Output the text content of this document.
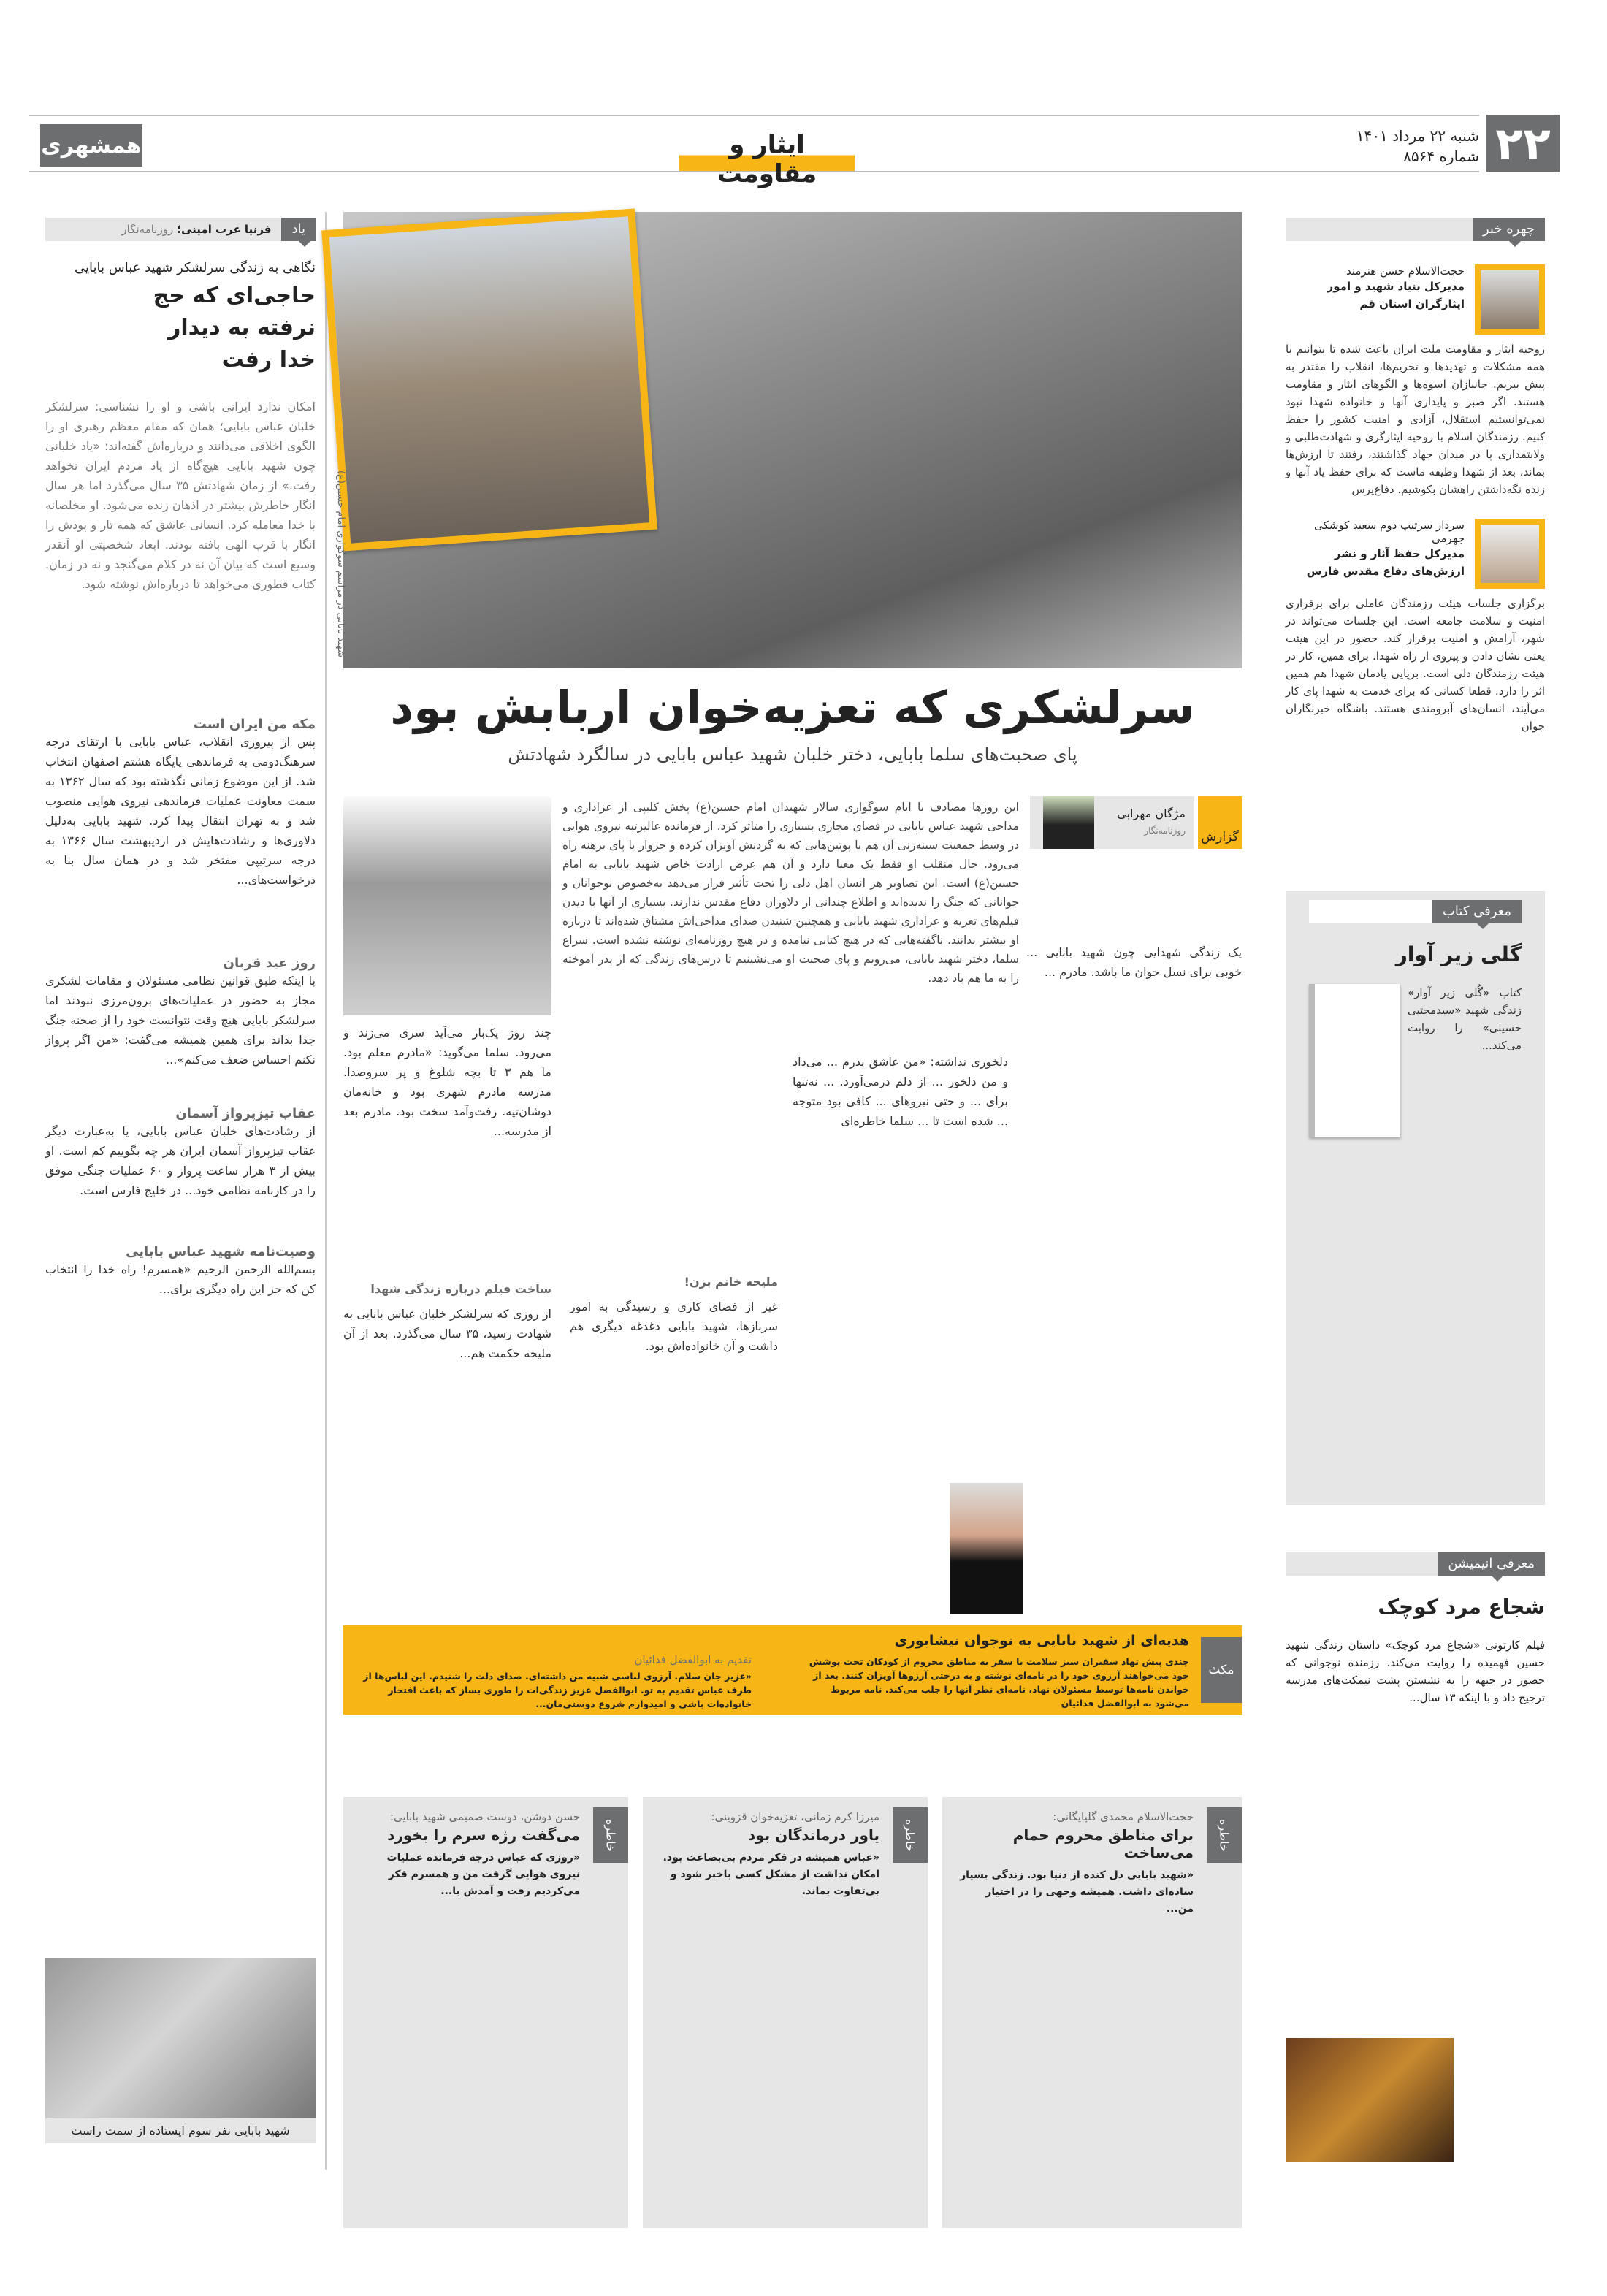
۲۲
شنبه ۲۲ مرداد ۱۴۰۱
شماره ۸۵۶۴
همشهری	ایثار و مقاومت
یاد
فرنیا عرب امینی؛ روزنامه‌نگار
نگاهی به زندگی سرلشکر شهید عباس بابایی
حاجی‌ای که حج نرفته به دیدار خدا رفت
امکان ندارد ایرانی باشی و او را نشناسی: سرلشکر خلبان عباس بابایی؛ همان که مقام معظم رهبری او را الگوی اخلاقی می‌دانند و درباره‌اش گفته‌اند: «یاد خلبانی چون شهید بابایی هیچ‌گاه از یاد مردم ایران نخواهد رفت.» از زمان شهادتش ۳۵ سال می‌گذرد اما هر سال انگار خاطرش بیشتر در اذهان زنده می‌شود. او مخلصانه با خدا معامله کرد. انسانی عاشق که همه تار و پودش را انگار با قرب الهی بافته بودند. ابعاد شخصیتی او آنقدر وسیع است که بیان آن نه در کلام می‌گنجد و نه در زمان. کتاب قطوری می‌خواهد تا درباره‌اش نوشته شود.
مکه من ایران است
پس از پیروزی انقلاب، عباس بابایی با ارتقای درجه سرهنگ‌دومی به فرماندهی پایگاه هشتم اصفهان انتخاب شد. از این موضوع زمانی نگذشته بود که سال ۱۳۶۲ به سمت معاونت عملیات فرماندهی نیروی هوایی منصوب شد و به تهران انتقال پیدا کرد. شهید بابایی به‌دلیل دلاوری‌ها و رشادت‌هایش در اردیبهشت سال ۱۳۶۶ به درجه سرتیپی مفتخر شد و در همان سال بنا به درخواست‌های...
روز عید قربان
با اینکه طبق قوانین نظامی مسئولان و مقامات لشکری مجاز به حضور در عملیات‌های برون‌مرزی نبودند اما سرلشکر بابایی هیچ وقت نتوانست خود را از صحنه جنگ جدا بداند برای همین همیشه می‌گفت: «من اگر پرواز نکنم احساس ضعف می‌کنم»...
عقاب تیزپرواز آسمان
از رشادت‌های خلبان عباس بابایی، یا به‌عبارت دیگر عقاب تیزپرواز آسمان ایران هر چه بگوییم کم است. او بیش از ۳ هزار ساعت پرواز و ۶۰ عملیات جنگی موفق را در کارنامه نظامی خود... در خلیج فارس است.
وصیت‌نامه شهید عباس بابایی
بسم‌الله الرحمن الرحیم «همسرم! راه خدا را انتخاب کن که جز این راه دیگری برای...
شهید بابایی نفر سوم ایستاده از سمت راست
شهید بابایی در مراسم سوگواری امام حسین(ع)
سرلشکری که تعزیه‌خوان اربابش بود
پای صحبت‌های سلما بابایی، دختر خلبان شهید عباس بابایی در سالگرد شهادتش
گزارش
مژگان مهرابی
روزنامه‌نگار
این روزها مصادف با ایام سوگواری سالار شهیدان امام حسین(ع) پخش کلیپی از عزاداری و مداحی شهید عباس بابایی در فضای مجازی بسیاری را متاثر کرد. از فرمانده عالیرتبه نیروی هوایی در وسط جمعیت سینه‌زنی آن هم با پوتین‌هایی که به گردنش آویزان کرده و حروار با پای برهنه راه می‌رود. حال منقلب او فقط یک معنا دارد و آن هم عرض ارادت خاص شهید بابایی به امام حسین(ع) است. این تصاویر هر انسان اهل دلی را تحت تأثیر قرار می‌دهد به‌خصوص نوجوانان و جوانانی که جنگ را ندیده‌اند و اطلاع چندانی از دلاوران دفاع مقدس ندارند. بسیاری از آنها با دیدن فیلم‌های تعزیه و عزاداری شهید بابایی و همچنین شنیدن صدای مداحی‌اش مشتاق شده‌اند تا درباره او بیشتر بدانند. ناگفته‌هایی که در هیچ کتابی نیامده و در هیچ روزنامه‌ای نوشته نشده است. سراغ سلما، دختر شهید بابایی، می‌رویم و پای صحبت او می‌نشینیم تا درس‌های زندگی که از پدر آموخته را به ما هم یاد دهد.
یک زندگی شهدایی چون شهید بابایی ... خوبی برای نسل جوان ما باشد. مادرم ...
دلخوری نداشته: «من عاشق پدرم ... می‌داد و من دلخور ... از دلم درمی‌آورد. ... نه‌تنها برای ... و حتی نیروهای ... کافی بود متوجه ... شده است تا ... سلما خاطره‌ای
چند روز یک‌بار می‌آید سری می‌زند و می‌رود. سلما می‌گوید: «مادرم معلم بود. ما هم ۳ تا بچه شلوغ و پر سروصدا. مدرسه مادرم شهری بود و خانه‌مان دوشان‌تپه. رفت‌وآمد سخت بود. مادرم بعد از مدرسه...
ملیحه خانم بزن!
غیر از فضای کاری و رسیدگی به امور سربازها، شهید بابایی دغدغه دیگری هم داشت و آن خانواده‌اش بود.
ساخت فیلم درباره زندگی شهدا
از روزی که سرلشکر خلبان عباس بابایی به شهادت رسید، ۳۵ سال می‌گذرد. بعد از آن ملیحه حکمت هم...
مکث
هدیه‌ای از شهید بابایی به نوجوان نیشابوری
چندی پیش نهاد سفیران سبز سلامت با سفر به مناطق محروم از کودکان تحت پوشش خود می‌خواهند آرزوی خود را در نامه‌ای نوشته و به درختی آرزوها آویزان کنند. بعد از خواندن نامه‌ها توسط مسئولان نهاد، نامه‌ای نظر آنها را جلب می‌کند. نامه مربوط می‌شود به ابوالفضل فدائیان
تقدیم به ابوالفضل فدائیان
«عزیز جان سلام. آرزوی لباسی شبیه من داشته‌ای. صدای دلت را شنیدم. این لباس‌ها از طرف عباس تقدیم به تو. ابوالفضل عزیز زندگی‌ات را طوری بساز که باعث افتخار خانواده‌ات باشی و امیدوارم شروع دوستی‌مان...
خاطره
حجت‌الاسلام محمدی گلپایگانی:
برای مناطق محروم حمام می‌ساخت
«شهید بابایی دل کنده از دنیا بود. زندگی بسیار ساده‌ای داشت. همیشه وجهی را در اختیار من...
خاطره
میرزا کرم زمانی، تعزیه‌خوان قزوینی:
یاور درماندگان بود
«عباس همیشه در فکر مردم بی‌بضاعت بود. امکان نداشت از مشکل کسی باخبر شود و بی‌تفاوت بماند.
خاطره
حسن دوشن، دوست صمیمی شهید بابایی:
می‌گفت رژه سرم را بخورد
«روزی که عباس درجه فرمانده عملیات نیروی هوایی گرفت من و همسرم فکر می‌کردیم رفت و آمدش با...
چهره خبر
حجت‌الاسلام حسن هنرمند
مدیرکل بنیاد شهید و امور ایثارگران استان قم
روحیه ایثار و مقاومت ملت ایران باعث شده تا بتوانیم با همه مشکلات و تهدیدها و تحریم‌ها، انقلاب را مقتدر به پیش ببریم. جانبازان اسوه‌ها و الگوهای ایثار و مقاومت هستند. اگر صبر و پایداری آنها و خانواده شهدا نبود نمی‌توانستیم استقلال، آزادی و امنیت کشور را حفظ کنیم. رزمندگان اسلام با روحیه ایثارگری و شهادت‌طلبی و ولایتمداری پا در میدان جهاد گذاشتند، رفتند تا ارزش‌ها بماند، بعد از شهدا وظیفه ماست که برای حفظ یاد آنها و زنده نگه‌داشتن راهشان بکوشیم. دفاع‌پرس
سردار سرتیپ دوم سعید کوشکی جهرمی
مدیرکل حفظ آثار و نشر ارزش‌های دفاع مقدس فارس
برگزاری جلسات هیئت رزمندگان عاملی برای برقراری امنیت و سلامت جامعه است. این جلسات می‌تواند در شهر، آرامش و امنیت برقرار کند. حضور در این هیئت یعنی نشان دادن و پیروی از راه شهدا. برای همین، کار در هیئت رزمندگان دلی است. برپایی یادمان شهدا هم همین اثر را دارد. قطعا کسانی که برای خدمت به شهدا پای کار می‌آیند، انسان‌های آبرومندی هستند. باشگاه خبرنگاران جوان
معرفی کتاب
گلی زیر آوار
کتاب «گُلی زیر آوار» زندگی شهید «سیدمجتبی حسینی» را روایت می‌کند...
معرفی انیمیشن
شجاع مرد کوچک
فیلم کارتونی «شجاع مرد کوچک» داستان زندگی شهید حسین فهمیده را روایت می‌کند. رزمنده نوجوانی که حضور در جبهه را به نشستن پشت نیمکت‌های مدرسه ترجیح داد و با اینکه ۱۳ سال...
